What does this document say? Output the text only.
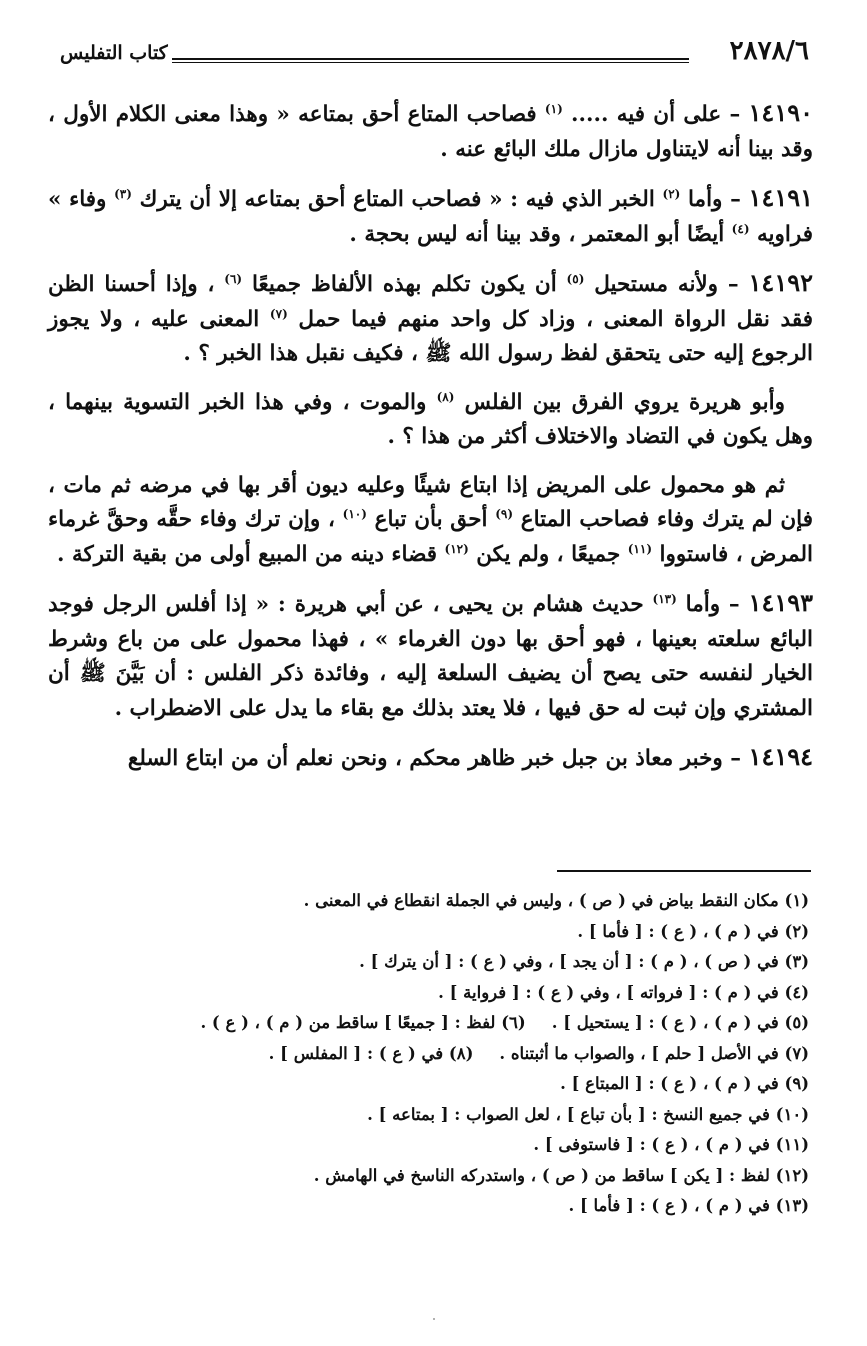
٢٨٧٨/٦
كتاب التفليس

١٤١٩٠ – على أن فيه ..... $^{(١)}$ فصاحب المتاع أحق بمتاعه « وهذا معنى الكلام الأول ، وقد بينا أنه لايتناول مازال ملك البائع عنه .

١٤١٩١ – وأما $^{(٢)}$ الخبر الذي فيه : « فصاحب المتاع أحق بمتاعه إلا أن يترك $^{(٣)}$ وفاء » فراويه $^{(٤)}$ أيضًا أبو المعتمر ، وقد بينا أنه ليس بحجة .

١٤١٩٢ – ولأنه مستحيل $^{(٥)}$ أن يكون تكلم بهذه الألفاظ جميعًا $^{(٦)}$ ، وإذا أحسنا الظن فقد نقل الرواة المعنى ، وزاد كل واحد منهم فيما حمل $^{(٧)}$ المعنى عليه ، ولا يجوز الرجوع إليه حتى يتحقق لفظ رسول الله ﷺ ، فكيف نقبل هذا الخبر ؟ .

وأبو هريرة يروي الفرق بين الفلس $^{(٨)}$ والموت ، وفي هذا الخبر التسوية بينهما ، وهل يكون في التضاد والاختلاف أكثر من هذا ؟ .

ثم هو محمول على المريض إذا ابتاع شيئًا وعليه ديون أقر بها في مرضه ثم مات ، فإن لم يترك وفاء فصاحب المتاع $^{(٩)}$ أحق بأن تباع $^{(١٠)}$ ، وإن ترك وفاء حقَّه وحقَّ غرماء المرض ، فاستووا $^{(١١)}$ جميعًا ، ولم يكن $^{(١٢)}$ قضاء دينه من المبيع أولى من بقية التركة .

١٤١٩٣ – وأما $^{(١٣)}$ حديث هشام بن يحيى ، عن أبي هريرة : « إذا أفلس الرجل فوجد البائع سلعته بعينها ، فهو أحق بها دون الغرماء » ، فهذا محمول على من باع وشرط الخيار لنفسه حتى يصح أن يضيف السلعة إليه ، وفائدة ذكر الفلس : أن بَيَّنَ ﷺ أن المشتري وإن ثبت له حق فيها ، فلا يعتد بذلك مع بقاء ما يدل على الاضطراب .

١٤١٩٤ – وخبر معاذ بن جبل خبر ظاهر محكم ، ونحن نعلم أن من ابتاع السلع

(١) مكان النقط بياض في ( ص ) ، وليس في الجملة انقطاع في المعنى .
(٢) في ( م ) ، ( ع ) : [ فأما ] .
(٣) في ( ص ) ، ( م ) : [ أن يجد ] ، وفي ( ع ) : [ أن يترك ] .
(٤) في ( م ) : [ فرواته ] ، وفي ( ع ) : [ فرواية ] .
(٥) في ( م ) ، ( ع ) : [ يستحيل ] .
(٦) لفظ : [ جميعًا ] ساقط من ( م ) ، ( ع ) .
(٧) في الأصل [ حلم ] ، والصواب ما أثبتناه .
(٨) في ( ع ) : [ المفلس ] .
(٩) في ( م ) ، ( ع ) : [ المبتاع ] .
(١٠) في جميع النسخ : [ بأن تباع ] ، لعل الصواب : [ بمتاعه ] .
(١١) في ( م ) ، ( ع ) : [ فاستوفى ] .
(١٢) لفظ : [ يكن ] ساقط من ( ص ) ، واستدركه الناسخ في الهامش .
(١٣) في ( م ) ، ( ع ) : [ فأما ] .
